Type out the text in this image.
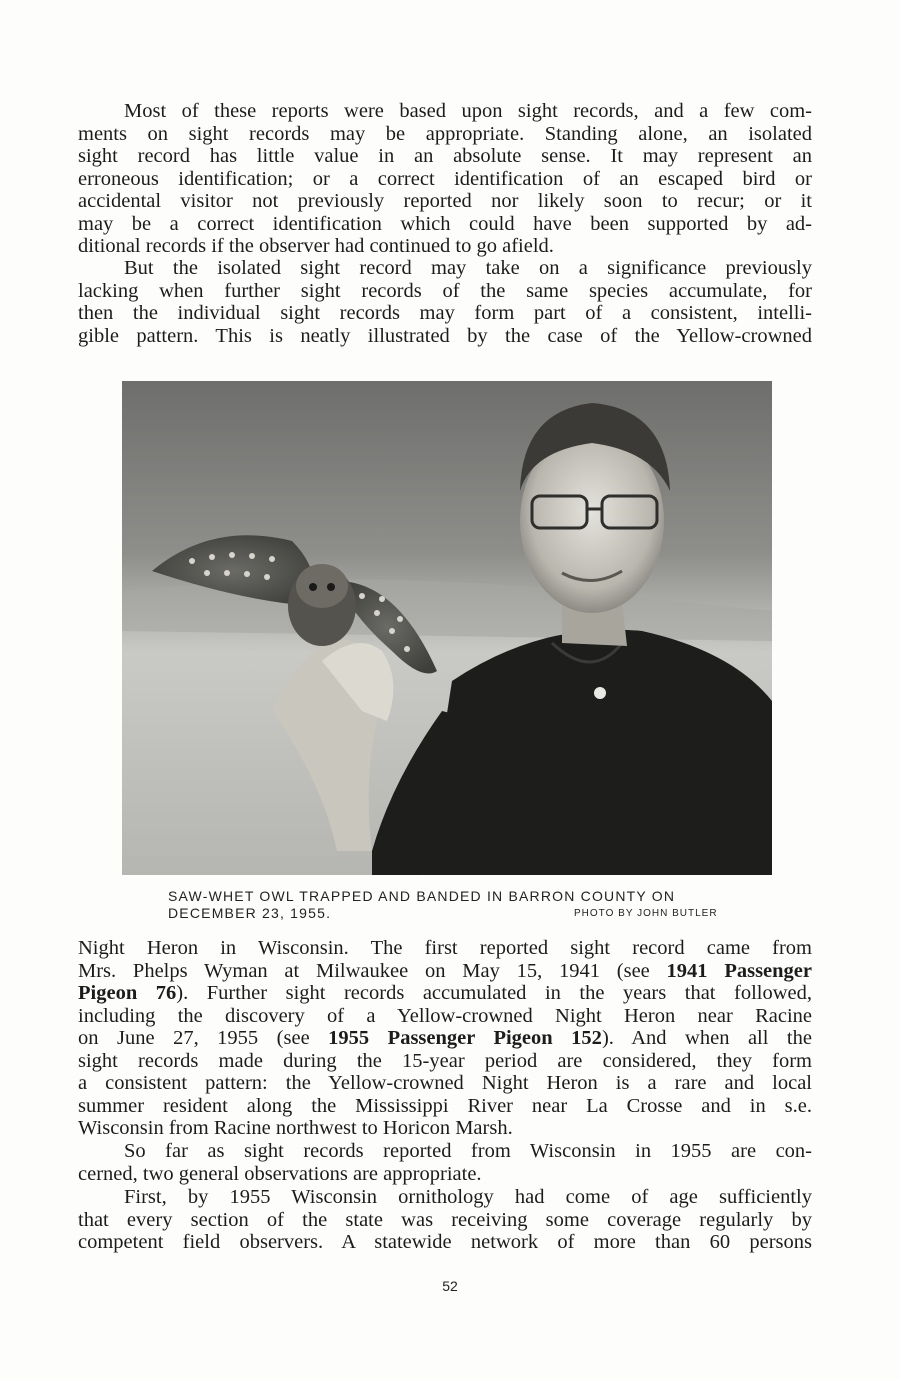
Most of these reports were based upon sight records, and a few com-
ments on sight records may be appropriate. Standing alone, an isolated
sight record has little value in an absolute sense. It may represent an
erroneous identification; or a correct identification of an escaped bird or
accidental visitor not previously reported nor likely soon to recur; or it
may be a correct identification which could have been supported by ad-
ditional records if the observer had continued to go afield.
But the isolated sight record may take on a significance previously
lacking when further sight records of the same species accumulate, for
then the individual sight records may form part of a consistent, intelli-
gible pattern. This is neatly illustrated by the case of the Yellow-crowned
SAW-WHET OWL TRAPPED AND BANDED IN BARRON COUNTY ON
DECEMBER 23, 1955.	PHOTO BY JOHN BUTLER
Night Heron in Wisconsin. The first reported sight record came from
Mrs. Phelps Wyman at Milwaukee on May 15, 1941 (see 1941 Passenger
Pigeon 76). Further sight records accumulated in the years that followed,
including the discovery of a Yellow-crowned Night Heron near Racine
on June 27, 1955 (see 1955 Passenger Pigeon 152). And when all the
sight records made during the 15-year period are considered, they form
a consistent pattern: the Yellow-crowned Night Heron is a rare and local
summer resident along the Mississippi River near La Crosse and in s.e.
Wisconsin from Racine northwest to Horicon Marsh.
So far as sight records reported from Wisconsin in 1955 are con-
cerned, two general observations are appropriate.
First, by 1955 Wisconsin ornithology had come of age sufficiently
that every section of the state was receiving some coverage regularly by
competent field observers. A statewide network of more than 60 persons
52
